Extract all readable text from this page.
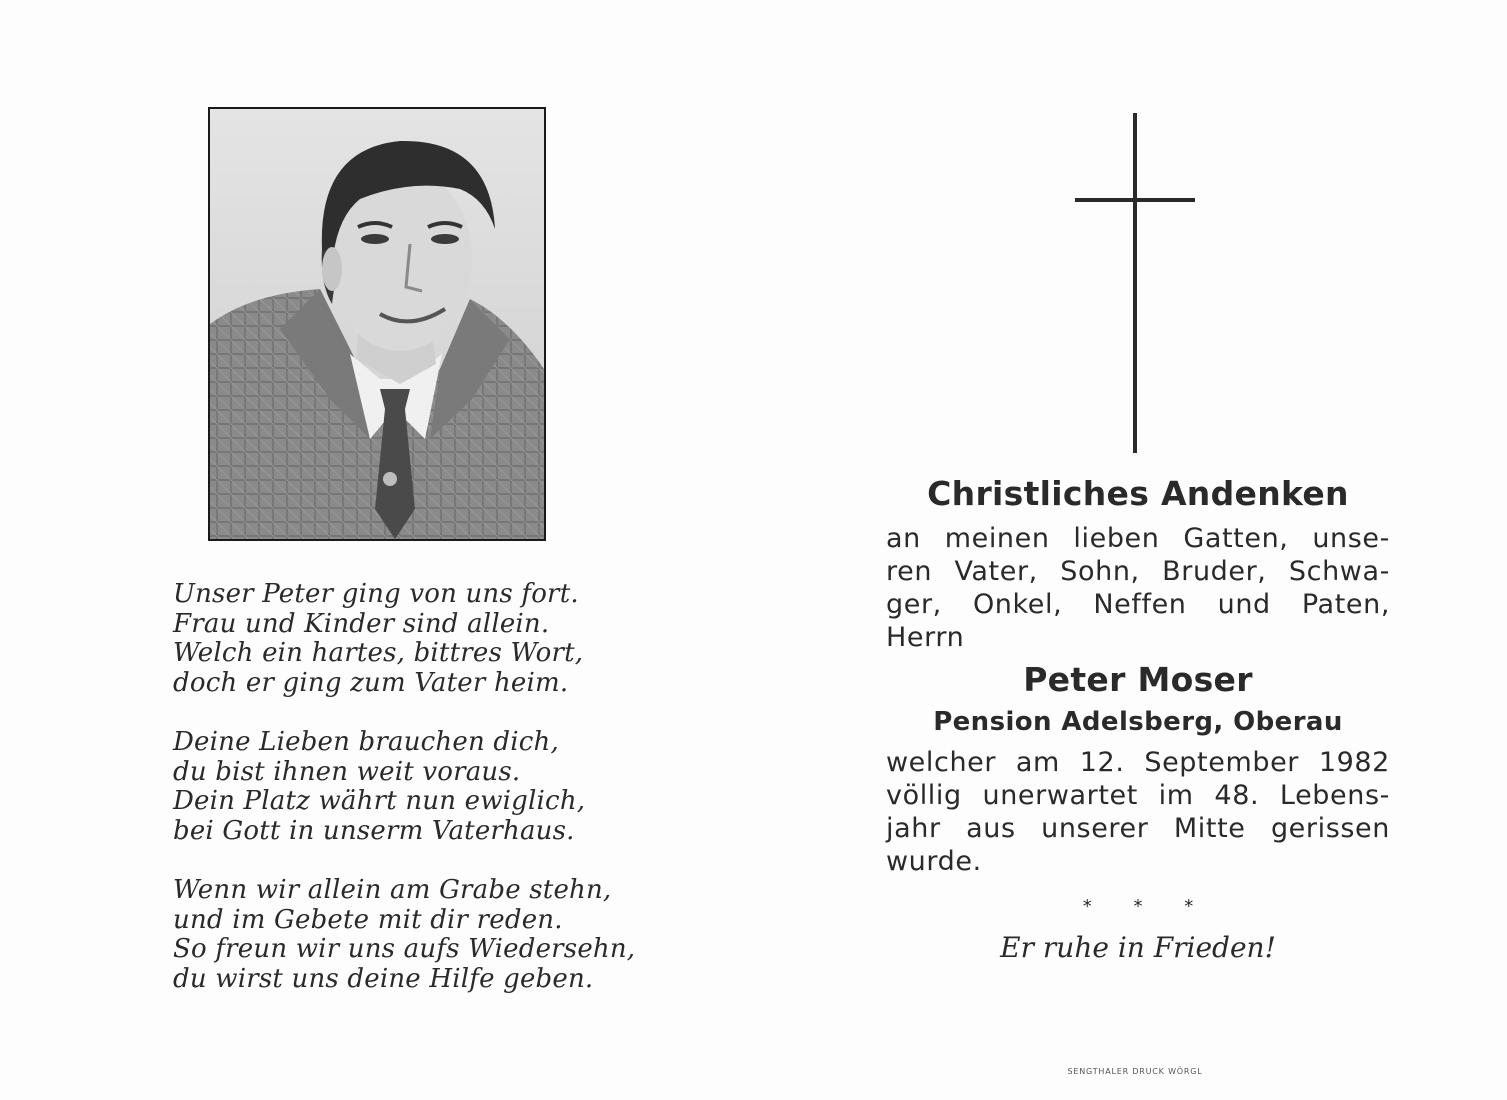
Unser Peter ging von uns fort.
Frau und Kinder sind allein.
Welch ein hartes, bittres Wort,
doch er ging zum Vater heim.
Deine Lieben brauchen dich,
du bist ihnen weit voraus.
Dein Platz währt nun ewiglich,
bei Gott in unserm Vaterhaus.
Wenn wir allein am Grabe stehn,
und im Gebete mit dir reden.
So freun wir uns aufs Wiedersehn,
du wirst uns deine Hilfe geben.

Christliches Andenken

an meinen lieben Gatten, unse-
ren Vater, Sohn, Bruder, Schwa-
ger, Onkel, Neffen und Paten,
Herrn

Peter Moser

Pension Adelsberg, Oberau

welcher am 12. September 1982
völlig unerwartet im 48. Lebens-
jahr aus unserer Mitte gerissen
wurde.

* * *

Er ruhe in Frieden!

SENGTHALER DRUCK WÖRGL
